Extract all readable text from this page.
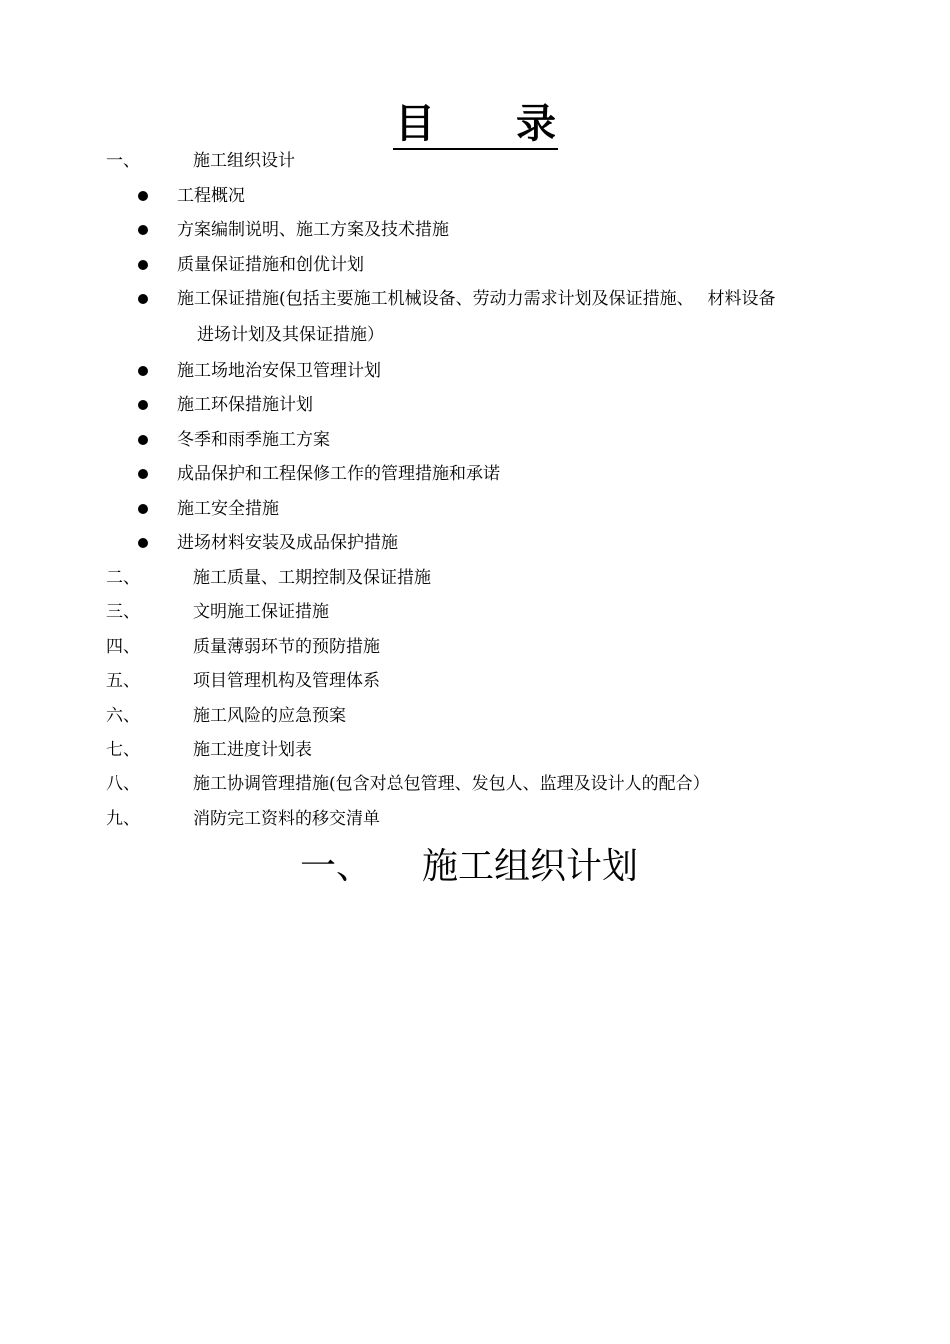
目 录
一、	施工组织设计
工程概况
方案编制说明、施工方案及技术措施
质量保证措施和创优计划
施工保证措施(包括主要施工机械设备、劳动力需求计划及保证措施、　 材料设备
进场计划及其保证措施）
施工场地治安保卫管理计划
施工环保措施计划
冬季和雨季施工方案
成品保护和工程保修工作的管理措施和承诺
施工安全措施
进场材料安装及成品保护措施
二、	施工质量、工期控制及保证措施
三、	文明施工保证措施
四、	质量薄弱环节的预防措施
五、	项目管理机构及管理体系
六、	施工风险的应急预案
七、	施工进度计划表
八、	施工协调管理措施(包含对总包管理、发包人、监理及设计人的配合）
九、	消防完工资料的移交清单
一、 施工组织计划
